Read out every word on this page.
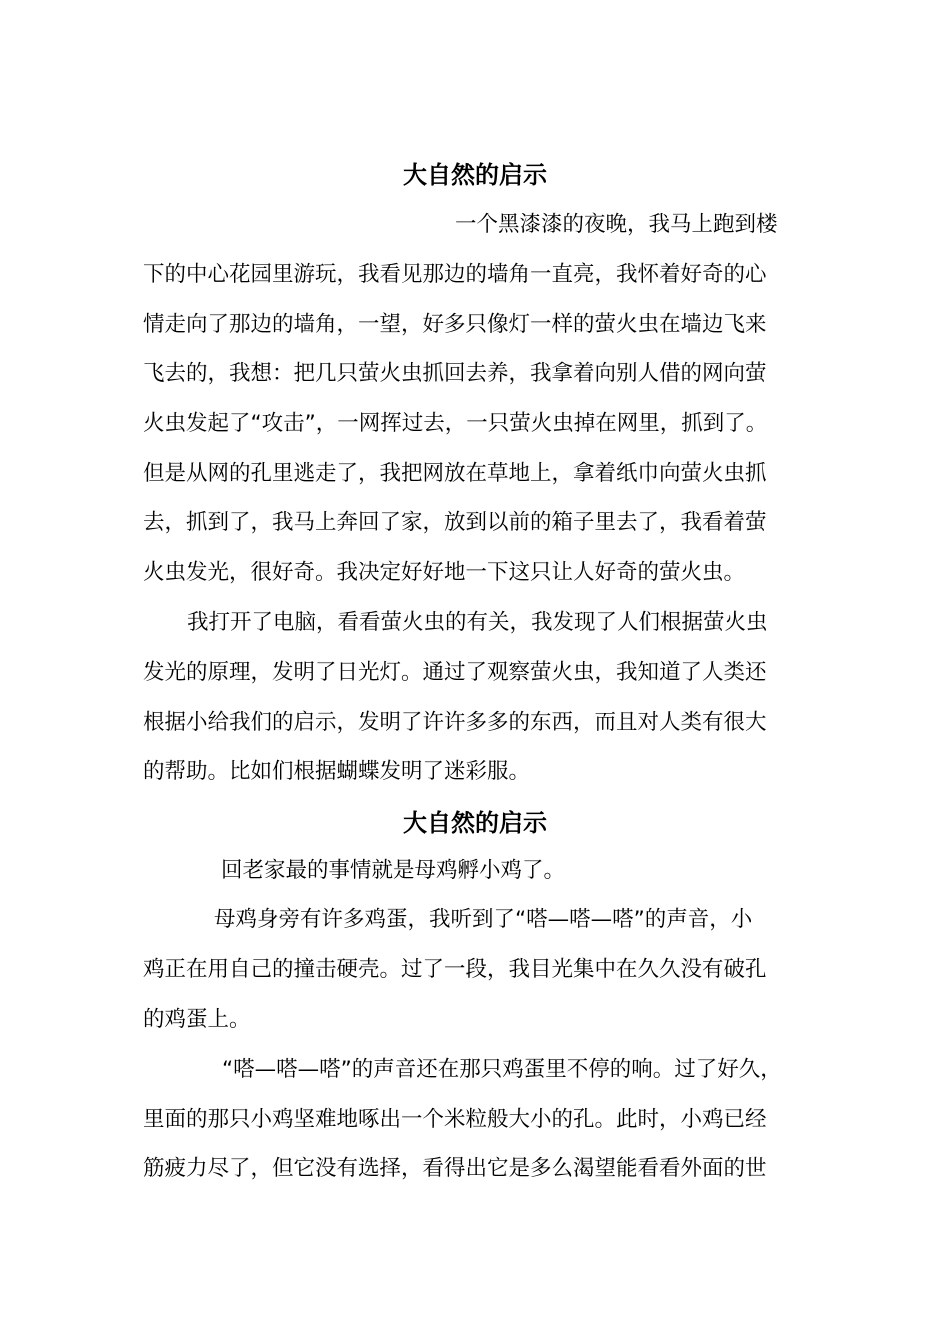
大自然的启示
一个黑漆漆的夜晚，我马上跑到楼
下的中心花园里游玩，我看见那边的墙角一直亮，我怀着好奇的心
情走向了那边的墙角，一望，好多只像灯一样的萤火虫在墙边飞来
飞去的，我想：把几只萤火虫抓回去养，我拿着向别人借的网向萤
火虫发起了“攻击”，一网挥过去，一只萤火虫掉在网里，抓到了。
但是从网的孔里逃走了，我把网放在草地上，拿着纸巾向萤火虫抓
去，抓到了，我马上奔回了家，放到以前的箱子里去了，我看着萤
火虫发光，很好奇。我决定好好地一下这只让人好奇的萤火虫。
我打开了电脑，看看萤火虫的有关，我发现了人们根据萤火虫
发光的原理，发明了日光灯。通过了观察萤火虫，我知道了人类还
根据小给我们的启示，发明了许许多多的东西，而且对人类有很大
的帮助。比如们根据蝴蝶发明了迷彩服。
大自然的启示
回老家最的事情就是母鸡孵小鸡了。
母鸡身旁有许多鸡蛋，我听到了“嗒—嗒—嗒”的声音，小
鸡正在用自己的撞击硬壳。过了一段，我目光集中在久久没有破孔
的鸡蛋上。
“嗒—嗒—嗒”的声音还在那只鸡蛋里不停的响。过了好久，
里面的那只小鸡坚难地啄出一个米粒般大小的孔。此时，小鸡已经
筋疲力尽了，但它没有选择，看得出它是多么渴望能看看外面的世
